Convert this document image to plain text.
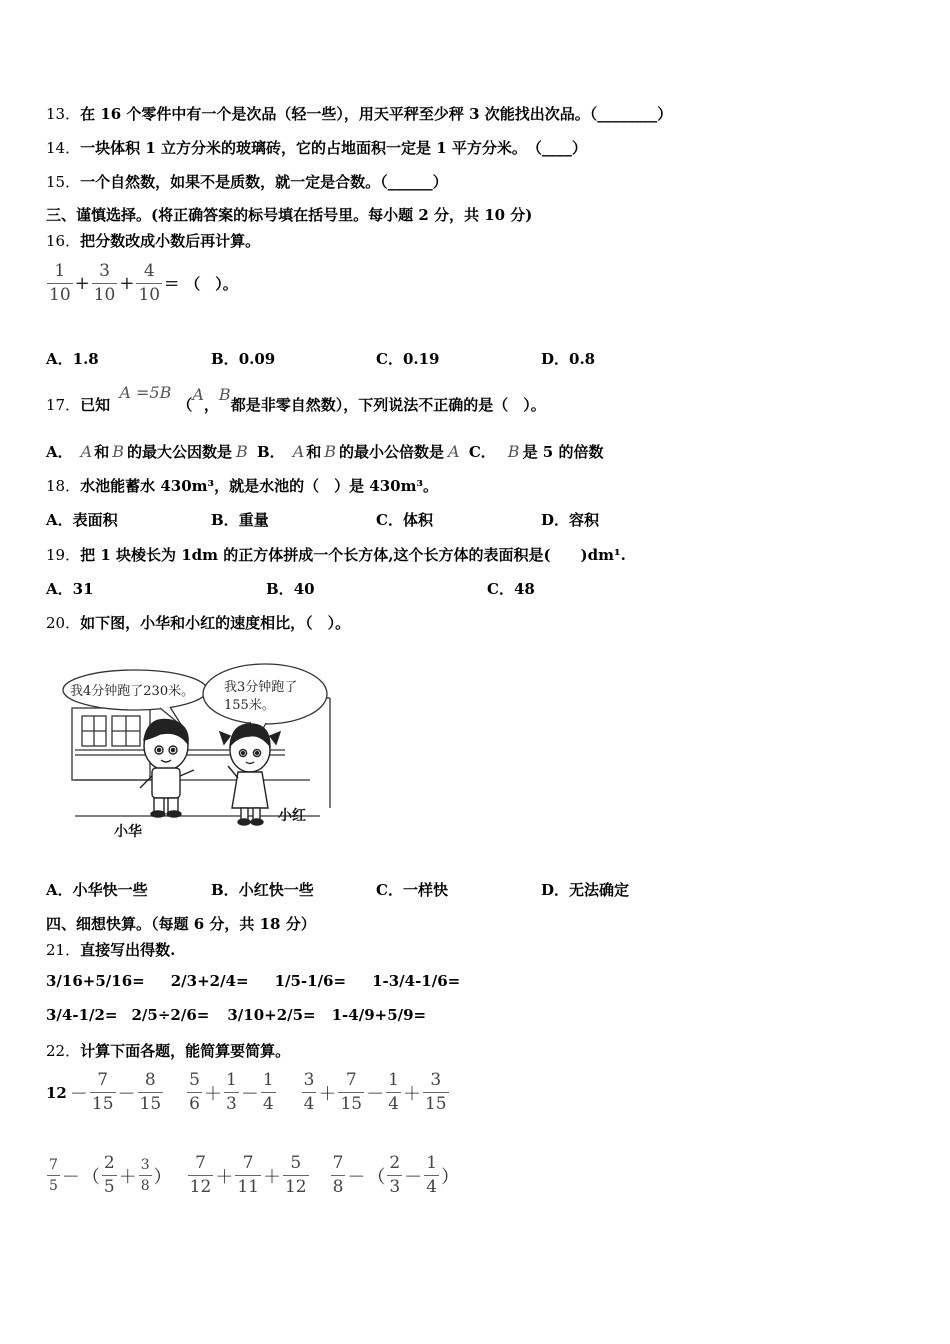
13．在 16 个零件中有一个是次品（轻一些），用天平秤至少秤 3 次能找出次品。（________）
14．一块体积 1 立方分米的玻璃砖，它的占地面积一定是 1 平方分米。　（____）
15．一个自然数，如果不是质数，就一定是合数。（______）
三、谨慎选择。(将正确答案的标号填在括号里。每小题 2 分，共 10 分)
16．把分数改成小数后再计算。
$\frac{1}{10} + \frac{3}{10} + \frac{4}{10}$ = （　）。
A．1.8	B．0.09	C．0.19	D．0.8
17．已知 A =5B（A，B都是非零自然数），下列说法不正确的是（　）。
A． A 和 B 的最大公因数是 B B． A 和 B 的最小公倍数是 A C． B 是 5 的倍数
18．水池能蓄水 430m³，就是水池的（　）是 430m³。
A．表面积	B．重量	C．体积	D．容积
19．把 1 块棱长为 1dm 的正方体拼成一个长方体,这个长方体的表面积是(　　)dm¹.
A．31	B．40	C．48
20．如下图，小华和小红的速度相比，（　）。
我4分钟跑了230米。 我3分钟跑了
155米。
小华
小红
A．小华快一些	B．小红快一些	C．一样快	D．无法确定
四、细想快算。（每题 6 分，共 18 分）
21．直接写出得数.
3/16+5/16= 2/3+2/4= 1/5-1/6= 1-3/4-1/6=
3/4-1/2= 2/5÷2/6= 3/10+2/5= 1-4/9+5/9=
22．计算下面各题，能简算要简算。
$12 - \frac{7}{15} - \frac{8}{15} \frac{5}{6} + \frac{1}{3} - \frac{1}{4} \frac{3}{4} + \frac{7}{15} - \frac{1}{4} + \frac{3}{15}$
$\frac{7}{5}$ － （ $\frac{2}{5} + \frac{3}{8}$ ） $\frac{7}{12} + \frac{7}{11} + \frac{5}{12} \frac{7}{8}$ － （ $\frac{2}{3} - \frac{1}{4}$ ）
